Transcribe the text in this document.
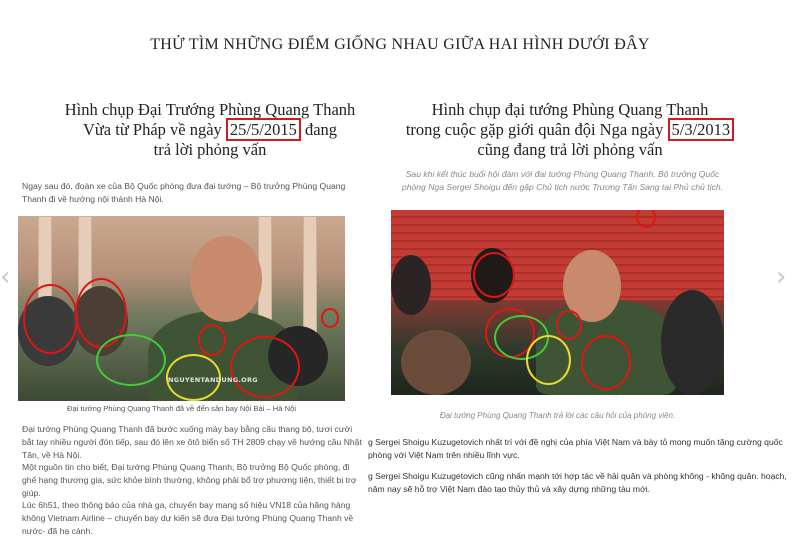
THỬ TÌM NHỮNG ĐIỂM GIỐNG NHAU GIỮA HAI HÌNH DƯỚI ĐÂY
Hình chụp Đại Trướng Phùng Quang Thanh
Vừa từ Pháp về ngày 25/5/2015 đang
trả lời phỏng vấn
Hình chụp đại tướng Phùng Quang Thanh
trong cuộc gặp giới quân đội Nga ngày 5/3/2013
cũng đang trả lời phỏng vấn
‹	›
Ngay sau đó, đoàn xe của Bộ Quốc phòng đưa đại tướng – Bộ trưởng Phùng Quang Thanh đi về hướng nội thành Hà Nội.
Sau khi kết thúc buổi hội đàm với đại tướng Phùng Quang Thanh, Bộ trưởng Quốc phòng Nga Sergei Shoigu đến gặp Chủ tịch nước Trương Tấn Sang tại Phủ chủ tịch.
NGUYENTANDUNG.ORG
Đại tướng Phùng Quang Thanh đã về đến sân bay Nội Bài – Hà Nội
Đại tướng Phùng Quang Thanh trả lời các câu hỏi của phóng viên.
Đại tướng Phùng Quang Thanh đã bước xuống máy bay bằng cầu thang bộ, tươi cười bắt tay nhiều người đón tiếp, sau đó lên xe ôtô biển số TH 2809 chạy về hướng cầu Nhật Tân, về Hà Nội.
Một nguồn tin cho biết, Đại tướng Phùng Quang Thanh, Bộ trưởng Bộ Quốc phòng, đi ghế hạng thương gia, sức khỏe bình thường, không phải bổ trợ phương tiện, thiết bị trợ giúp.
Lúc 6h51, theo thông báo của nhà ga, chuyến bay mang số hiệu VN18 của hãng hàng không Vietnam Airline – chuyến bay dự kiến sẽ đưa Đại tướng Phùng Quang Thanh về nước- đã hạ cánh.
g Sergei Shoigu Kuzugetovich nhất trí với đề nghị của phía Việt Nam và bày tỏ mong muốn tăng cường quốc phòng với Việt Nam trên nhiều lĩnh vực.
g Sergei Shoigu Kuzugetovich cũng nhấn mạnh tới hợp tác về hải quân và phòng không - không quân. hoạch, năm nay sẽ hỗ trợ Việt Nam đào tạo thủy thủ và xây dựng những tàu mới.
